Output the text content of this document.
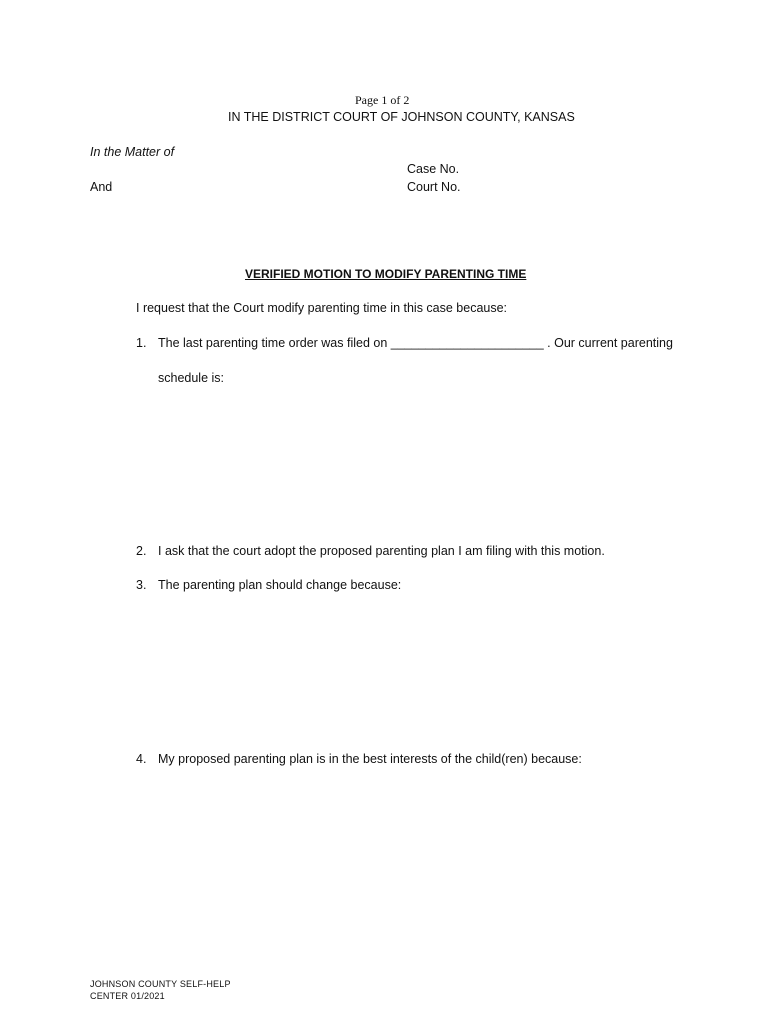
Page 1 of 2
IN THE DISTRICT COURT OF JOHNSON COUNTY, KANSAS
In the Matter of
Case No.
And	Court No.
VERIFIED MOTION TO MODIFY PARENTING TIME
I request that the Court modify parenting time in this case because:
1. The last parenting time order was filed on ______________________ . Our current parenting
schedule is:
2. I ask that the court adopt the proposed parenting plan I am filing with this motion.
3. The parenting plan should change because:
4. My proposed parenting plan is in the best interests of the child(ren) because:
JOHNSON COUNTY SELF-HELP
CENTER 01/2021
